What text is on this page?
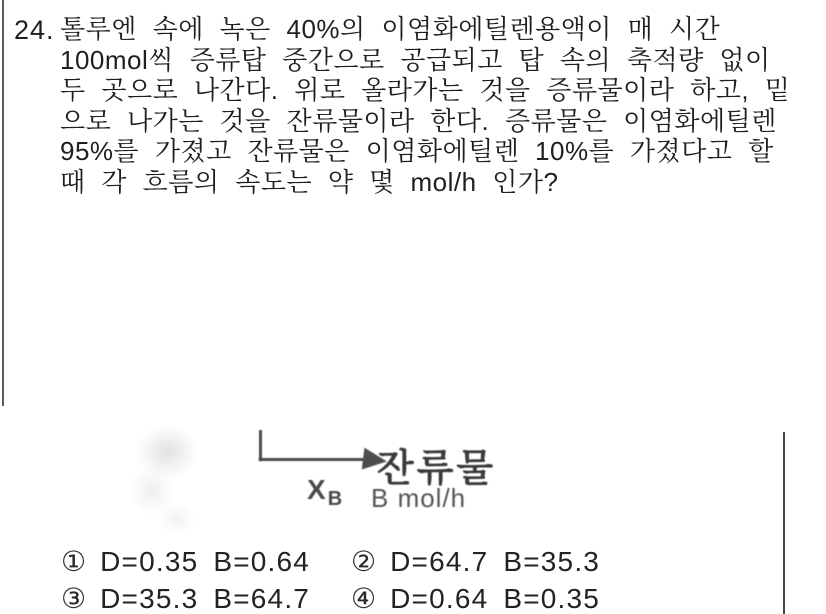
24. 톨루엔 속에 녹은 40%의 이염화에틸렌용액이 매 시간
100mol씩 증류탑 중간으로 공급되고 탑 속의 축적량 없이
두 곳으로 나간다. 위로 올라가는 것을 증류물이라 하고, 밑
으로 나가는 것을 잔류물이라 한다. 증류물은 이염화에틸렌
95%를 가졌고 잔류물은 이염화에틸렌 10%를 가졌다고 할
때 각 흐름의 속도는 약 몇 mol/h 인가?
잔류물
X $_B$ B mol/h
① D=0.35 B=0.64 ② D=64.7 B=35.3
③ D=35.3 B=64.7 ④ D=0.64 B=0.35
